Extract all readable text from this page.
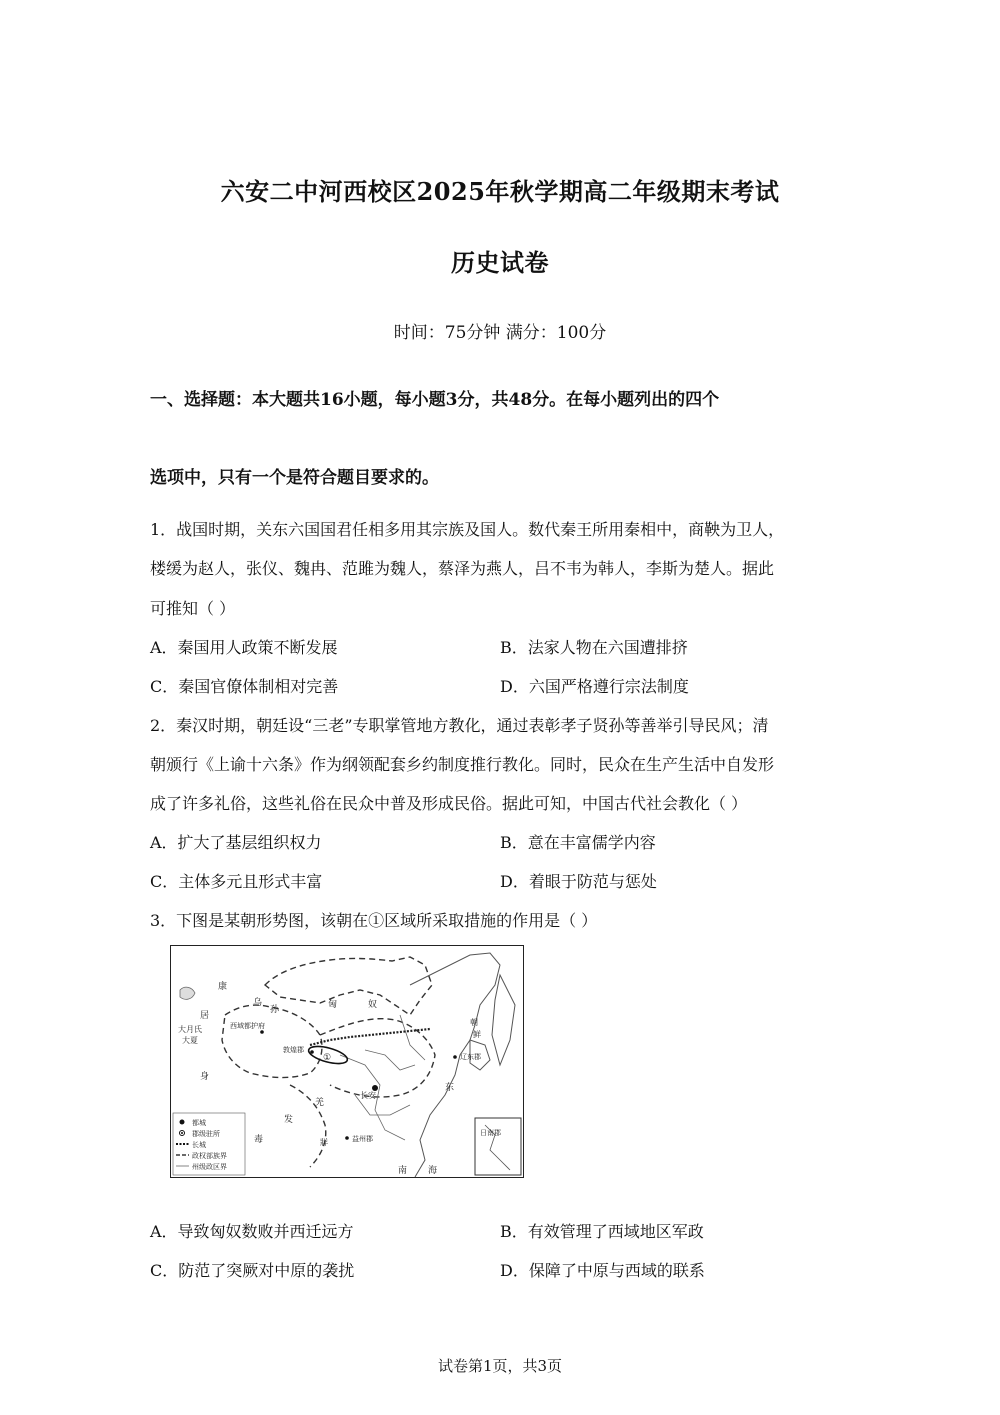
六安二中河西校区2025年秋学期高二年级期末考试
历史试卷
时间：75分钟 满分：100分
一、选择题：本大题共16小题，每小题3分，共48分。在每小题列出的四个
选项中，只有一个是符合题目要求的。
1．战国时期，关东六国国君任相多用其宗族及国人。数代秦王所用秦相中，商鞅为卫人，
楼缓为赵人，张仪、魏冉、范雎为魏人，蔡泽为燕人，吕不韦为韩人，李斯为楚人。据此
可推知（ ）
A．秦国用人政策不断发展	B．法家人物在六国遭排挤
C．秦国官僚体制相对完善	D．六国严格遵行宗法制度
2．秦汉时期，朝廷设“三老”专职掌管地方教化，通过表彰孝子贤孙等善举引导民风；清
朝颁行《上谕十六条》作为纲领配套乡约制度推行教化。同时，民众在生产生活中自发形
成了许多礼俗，这些礼俗在民众中普及形成民俗。据此可知，中国古代社会教化（ ）
A．扩大了基层组织权力	B．意在丰富儒学内容
C．主体多元且形式丰富	D．着眼于防范与惩处
3．下图是某朝形势图，该朝在①区域所采取措施的作用是（ ）
康
居
乌
孙	匈	奴
大月氏
大夏
身
西域都护府
敦煌郡
①	辽东郡
东
长安
发
羌
毒	益州郡
南 海
日南郡
朝
鲜
牂
都城
郡级驻所
长城
政权部族界
州级政区界
A．导致匈奴数败并西迁远方	B．有效管理了西域地区军政
C．防范了突厥对中原的袭扰	D．保障了中原与西域的联系
试卷第1页，共3页
